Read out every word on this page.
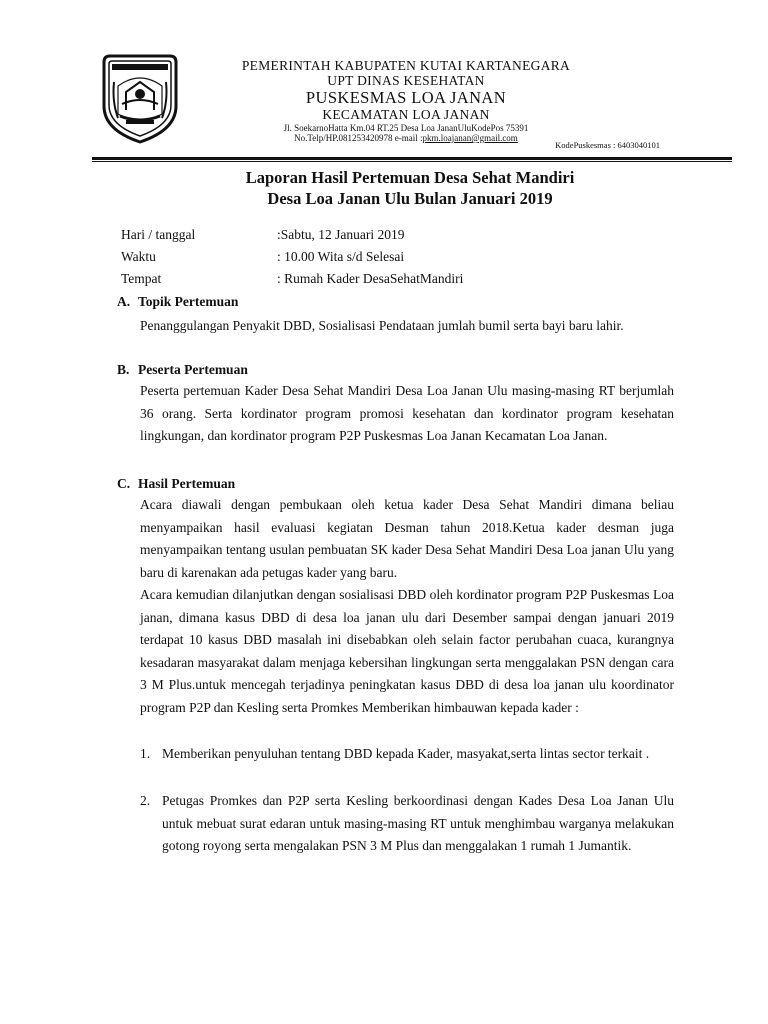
PEMERINTAH KABUPATEN KUTAI KARTANEGARA
UPT DINAS KESEHATAN
PUSKESMAS LOA JANAN
KECAMATAN LOA JANAN
Jl. SoekarnoHatta Km.04 RT.25 Desa Loa JananUluKodePos 75391
No.Telp/HP.081253420978 e-mail :pkm.loajanan@gmail.com
KodePuskesmas : 6403040101
Laporan Hasil Pertemuan Desa Sehat Mandiri
Desa Loa Janan Ulu Bulan Januari 2019
Hari / tanggal	:Sabtu, 12 Januari 2019
Waktu	: 10.00 Wita s/d Selesai
Tempat	: Rumah Kader DesaSehatMandiri
A. Topik Pertemuan

Penanggulangan Penyakit DBD, Sosialisasi Pendataan jumlah bumil serta bayi baru lahir.

B. Peserta Pertemuan

Peserta pertemuan Kader Desa Sehat Mandiri Desa Loa Janan Ulu masing-masing RT berjumlah 36 orang. Serta kordinator program promosi kesehatan dan kordinator program kesehatan lingkungan, dan kordinator program P2P Puskesmas Loa Janan Kecamatan Loa Janan.

C. Hasil Pertemuan

Acara diawali dengan pembukaan oleh ketua kader Desa Sehat Mandiri dimana beliau menyampaikan hasil evaluasi kegiatan Desman tahun 2018.Ketua kader desman juga menyampaikan tentang usulan pembuatan SK kader Desa Sehat Mandiri Desa Loa janan Ulu yang baru di karenakan ada petugas kader yang baru.

Acara kemudian dilanjutkan dengan sosialisasi DBD oleh kordinator program P2P Puskesmas Loa janan, dimana kasus DBD di desa loa janan ulu dari Desember sampai dengan januari 2019 terdapat 10 kasus DBD masalah ini disebabkan oleh selain factor perubahan cuaca, kurangnya kesadaran masyarakat dalam menjaga kebersihan lingkungan serta menggalakan PSN dengan cara 3 M Plus.untuk mencegah terjadinya peningkatan kasus DBD di desa loa janan ulu koordinator program P2P dan Kesling serta Promkes Memberikan himbauwan kepada kader :

1. Memberikan penyuluhan tentang DBD kepada Kader, masyakat,serta lintas sector terkait .

2. Petugas Promkes dan P2P serta Kesling berkoordinasi dengan Kades Desa Loa Janan Ulu untuk mebuat surat edaran untuk masing-masing RT untuk menghimbau warganya melakukan gotong royong serta mengalakan PSN 3 M Plus dan menggalakan 1 rumah 1 Jumantik.
